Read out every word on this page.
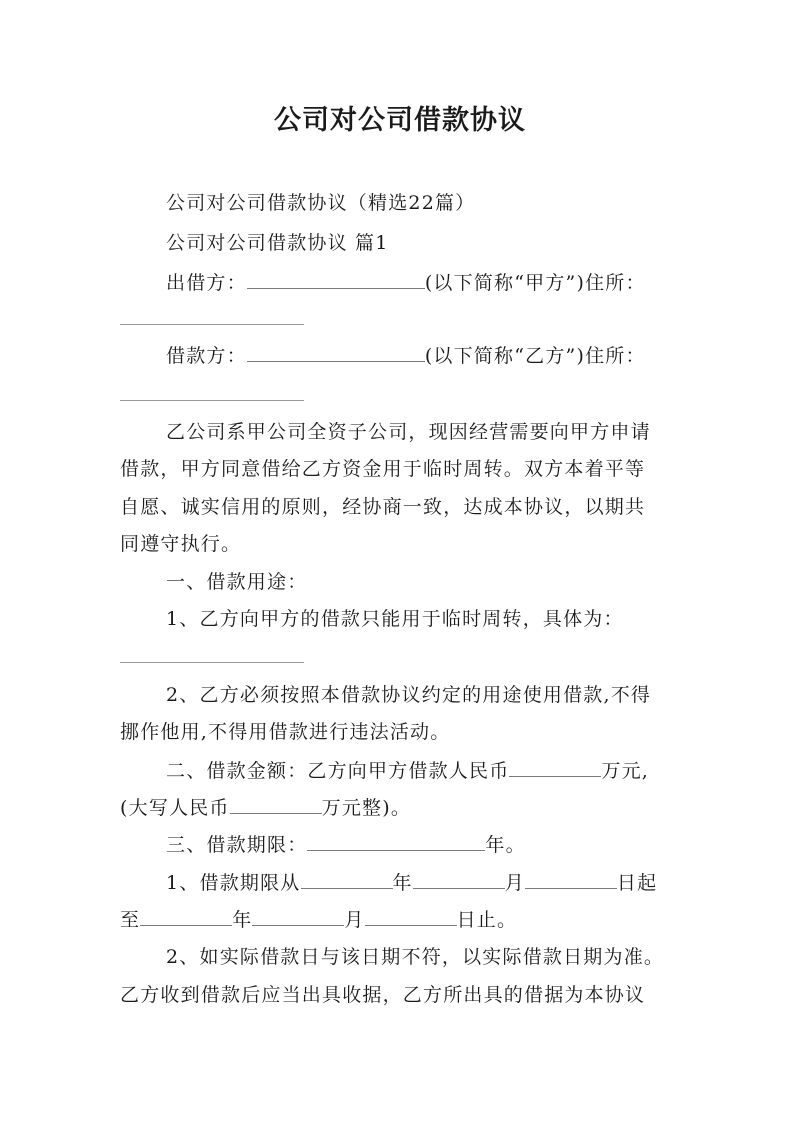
公司对公司借款协议
公司对公司借款协议（精选22篇）
公司对公司借款协议 篇1
出借方：	(以下简称“甲方”)住所：
借款方：	(以下简称“乙方”)住所：
乙公司系甲公司全资子公司，现因经营需要向甲方申请
借款，甲方同意借给乙方资金用于临时周转。双方本着平等
自愿、诚实信用的原则，经协商一致，达成本协议，以期共
同遵守执行。
一、借款用途：
1、乙方向甲方的借款只能用于临时周转，具体为：
2、乙方必须按照本借款协议约定的用途使用借款,不得
挪作他用,不得用借款进行违法活动。
二、借款金额：乙方向甲方借款人民币	万元,
(大写人民币	万元整)。
三、借款期限：	年。
1、借款期限从	年	月	日起
至	年	月	日止。
2、如实际借款日与该日期不符，以实际借款日期为准。
乙方收到借款后应当出具收据，乙方所出具的借据为本协议
